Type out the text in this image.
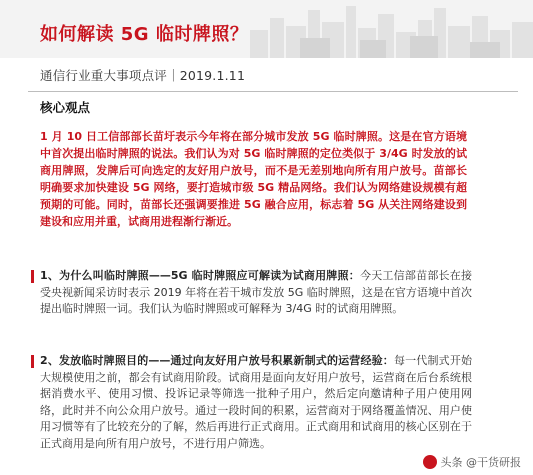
如何解读 5G 临时牌照？
通信行业重大事项点评｜2019.1.11
核心观点

1 月 10 日工信部部长苗圩表示今年将在部分城市发放 5G 临时牌照。这是在官方语境中首次提出临时牌照的说法。我们认为对 5G 临时牌照的定位类似于 3/4G 时发放的试商用牌照，发牌后可向选定的友好用户放号，而不是无差别地向所有用户放号。苗部长明确要求加快建设 5G 网络，要打造城市级 5G 精品网络。我们认为网络建设规模有超预期的可能。同时，苗部长还强调要推进 5G 融合应用，标志着 5G 从关注网络建设到建设和应用并重，试商用进程渐行渐近。

1、为什么叫临时牌照——5G 临时牌照应可解读为试商用牌照：今天工信部苗部长在接受央视新闻采访时表示 2019 年将在若干城市发放 5G 临时牌照，这是在官方语境中首次提出临时牌照一词。我们认为临时牌照或可解释为 3/4G 时的试商用牌照。
2、发放临时牌照目的——通过向友好用户放号积累新制式的运营经验：每一代制式开始大规模使用之前，都会有试商用阶段。试商用是面向友好用户放号，运营商在后台系统根据消费水平、使用习惯、投诉记录等筛选一批种子用户，然后定向邀请种子用户使用网络，此时并不向公众用户放号。通过一段时间的积累，运营商对于网络覆盖情况、用户使用习惯等有了比较充分的了解，然后再进行正式商用。正式商用和试商用的核心区别在于正式商用是向所有用户放号，不进行用户筛选。
头条 @干货研报
